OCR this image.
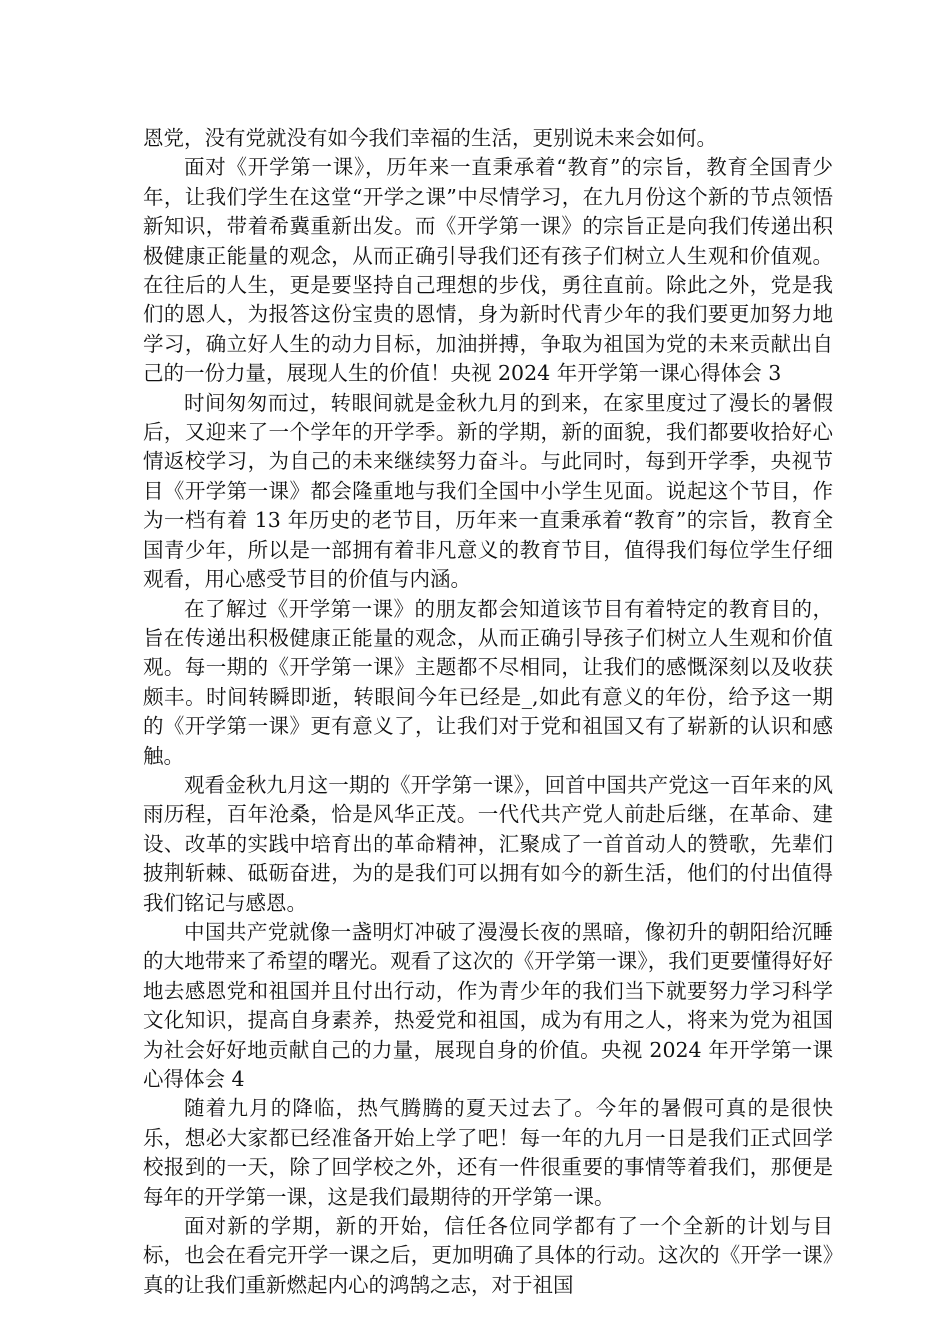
恩党，没有党就没有如今我们幸福的生活，更别说未来会如何。

面对《开学第一课》，历年来一直秉承着“教育”的宗旨，教育全国青少年，让我们学生在这堂“开学之课”中尽情学习，在九月份这个新的节点领悟新知识，带着希冀重新出发。而《开学第一课》的宗旨正是向我们传递出积极健康正能量的观念，从而正确引导我们还有孩子们树立人生观和价值观。在往后的人生，更是要坚持自己理想的步伐，勇往直前。除此之外，党是我们的恩人，为报答这份宝贵的恩情，身为新时代青少年的我们要更加努力地学习，确立好人生的动力目标，加油拼搏，争取为祖国为党的未来贡献出自己的一份力量，展现人生的价值！央视 2024 年开学第一课心得体会 3

时间匆匆而过，转眼间就是金秋九月的到来，在家里度过了漫长的暑假后，又迎来了一个学年的开学季。新的学期，新的面貌，我们都要收拾好心情返校学习，为自己的未来继续努力奋斗。与此同时，每到开学季，央视节目《开学第一课》都会隆重地与我们全国中小学生见面。说起这个节目，作为一档有着 13 年历史的老节目，历年来一直秉承着“教育”的宗旨，教育全国青少年，所以是一部拥有着非凡意义的教育节目，值得我们每位学生仔细观看，用心感受节目的价值与内涵。

在了解过《开学第一课》的朋友都会知道该节目有着特定的教育目的，旨在传递出积极健康正能量的观念，从而正确引导孩子们树立人生观和价值观。每一期的《开学第一课》主题都不尽相同，让我们的感慨深刻以及收获颇丰。时间转瞬即逝，转眼间今年已经是_,如此有意义的年份，给予这一期的《开学第一课》更有意义了，让我们对于党和祖国又有了崭新的认识和感触。

观看金秋九月这一期的《开学第一课》，回首中国共产党这一百年来的风雨历程，百年沧桑，恰是风华正茂。一代代共产党人前赴后继，在革命、建设、改革的实践中培育出的革命精神，汇聚成了一首首动人的赞歌，先辈们披荆斩棘、砥砺奋进，为的是我们可以拥有如今的新生活，他们的付出值得我们铭记与感恩。

中国共产党就像一盏明灯冲破了漫漫长夜的黑暗，像初升的朝阳给沉睡的大地带来了希望的曙光。观看了这次的《开学第一课》，我们更要懂得好好地去感恩党和祖国并且付出行动，作为青少年的我们当下就要努力学习科学文化知识，提高自身素养，热爱党和祖国，成为有用之人，将来为党为祖国为社会好好地贡献自己的力量，展现自身的价值。央视 2024 年开学第一课心得体会 4

随着九月的降临，热气腾腾的夏天过去了。今年的暑假可真的是很快乐，想必大家都已经准备开始上学了吧！每一年的九月一日是我们正式回学校报到的一天，除了回学校之外，还有一件很重要的事情等着我们，那便是每年的开学第一课，这是我们最期待的开学第一课。

面对新的学期，新的开始，信任各位同学都有了一个全新的计划与目标，也会在看完开学一课之后，更加明确了具体的行动。这次的《开学一课》真的让我们重新燃起内心的鸿鹄之志，对于祖国
